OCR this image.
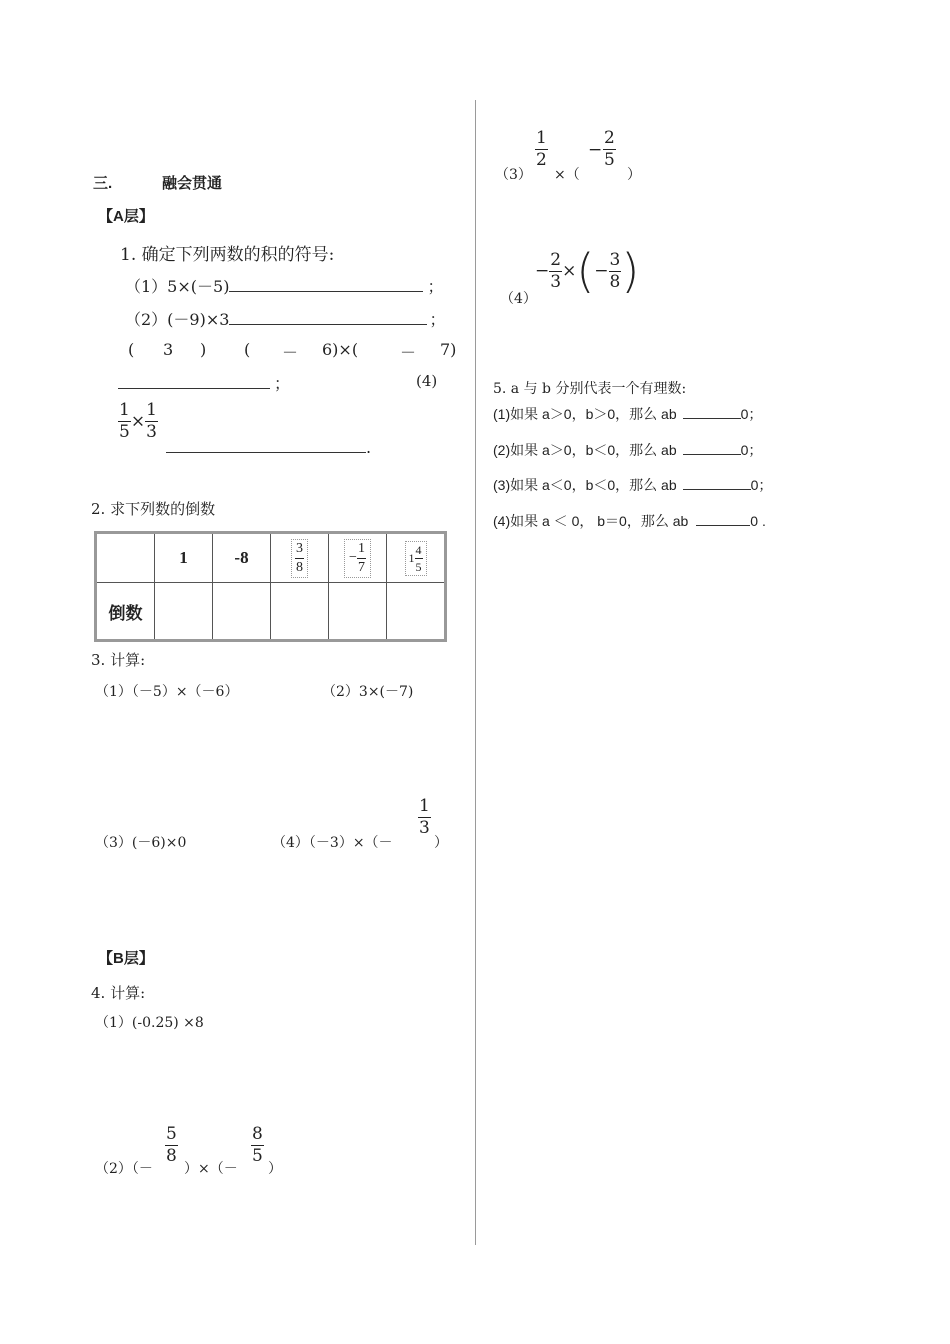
三.	融会贯通
【A层】
1. 确定下列两数的积的符号:
（1）5×(－5)	；
（2）(－9)×3	；
( 3 ) ( － 6)×(	－ 7)
；	(4)
$\frac{1}{5} \times \frac{1}{3}$
.
2. 求下列数的倒数
	1	-8	$\frac{3}{8}$	− $\frac{1}{7}$	$1 \frac{4}{5}$

倒数					
3. 计算:
（1）（－5）×（－6）	（2）3×(－7)
（3）(－6)×0	（4）（－3）×（－
$\frac{1}{3}$
）
【B层】
4. 计算:
（1）(-0.25) ×8
（2）（－
$\frac{5}{8}$
）×（－
$\frac{8}{5}$
）
（3）
$\frac{1}{2}$
×（
− $\frac{2}{5}$
）
（4）
− $\frac{2}{3}$ × ( − $\frac{3}{8}$ )
5. a 与 b 分别代表一个有理数:
(1)如果 a＞0，b＞0，那么 ab	0；
(2)如果 a＞0，b＜0，那么 ab	0；
(3)如果 a＜0，b＜0，那么 ab	0；
(4)如果 a ＜ 0， b＝0，那么 ab	0 .
